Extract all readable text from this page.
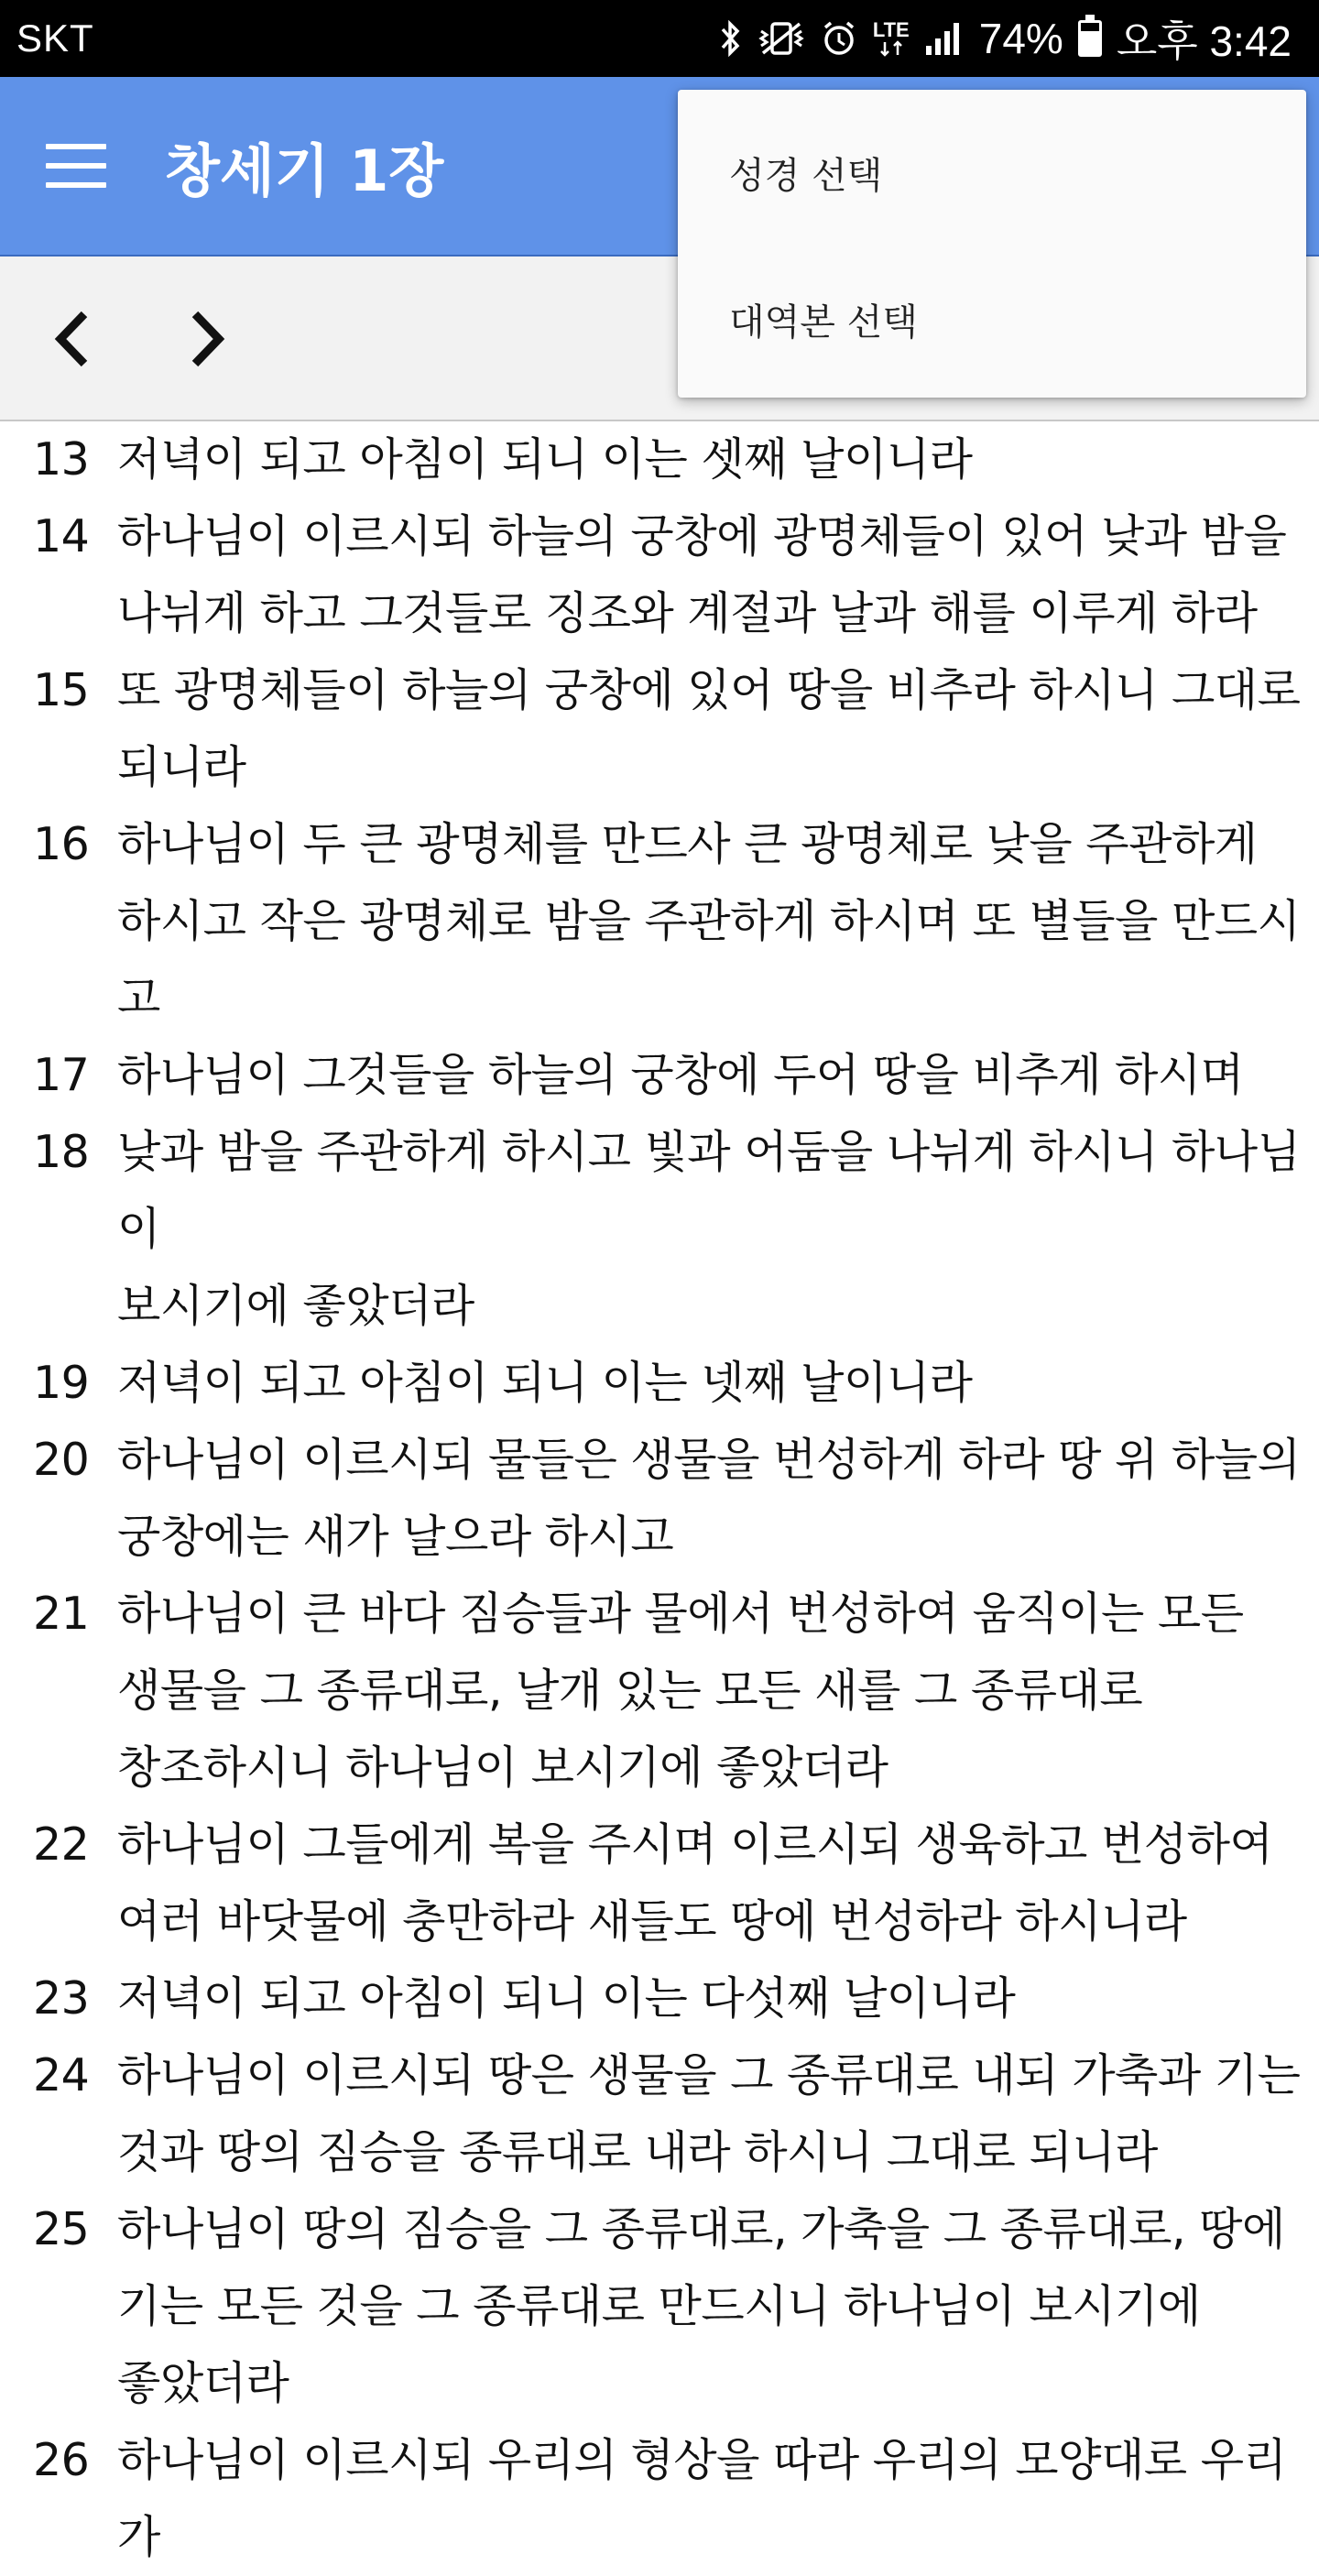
SKT	LTE 74% 오후 3:42
창세기 1장
13 저녁이 되고 아침이 되니 이는 셋째 날이니라
14 하나님이 이르시되 하늘의 궁창에 광명체들이 있어 낮과 밤을
나뉘게 하고 그것들로 징조와 계절과 날과 해를 이루게 하라
15 또 광명체들이 하늘의 궁창에 있어 땅을 비추라 하시니 그대로
되니라
16 하나님이 두 큰 광명체를 만드사 큰 광명체로 낮을 주관하게
하시고 작은 광명체로 밤을 주관하게 하시며 또 별들을 만드시고
17 하나님이 그것들을 하늘의 궁창에 두어 땅을 비추게 하시며
18 낮과 밤을 주관하게 하시고 빛과 어둠을 나뉘게 하시니 하나님이
보시기에 좋았더라
19 저녁이 되고 아침이 되니 이는 넷째 날이니라
20 하나님이 이르시되 물들은 생물을 번성하게 하라 땅 위 하늘의
궁창에는 새가 날으라 하시고
21 하나님이 큰 바다 짐승들과 물에서 번성하여 움직이는 모든
생물을 그 종류대로, 날개 있는 모든 새를 그 종류대로
창조하시니 하나님이 보시기에 좋았더라
22 하나님이 그들에게 복을 주시며 이르시되 생육하고 번성하여
여러 바닷물에 충만하라 새들도 땅에 번성하라 하시니라
23 저녁이 되고 아침이 되니 이는 다섯째 날이니라
24 하나님이 이르시되 땅은 생물을 그 종류대로 내되 가축과 기는
것과 땅의 짐승을 종류대로 내라 하시니 그대로 되니라
25 하나님이 땅의 짐승을 그 종류대로, 가축을 그 종류대로, 땅에
기는 모든 것을 그 종류대로 만드시니 하나님이 보시기에
좋았더라
26 하나님이 이르시되 우리의 형상을 따라 우리의 모양대로 우리가
성경 선택
대역본 선택
